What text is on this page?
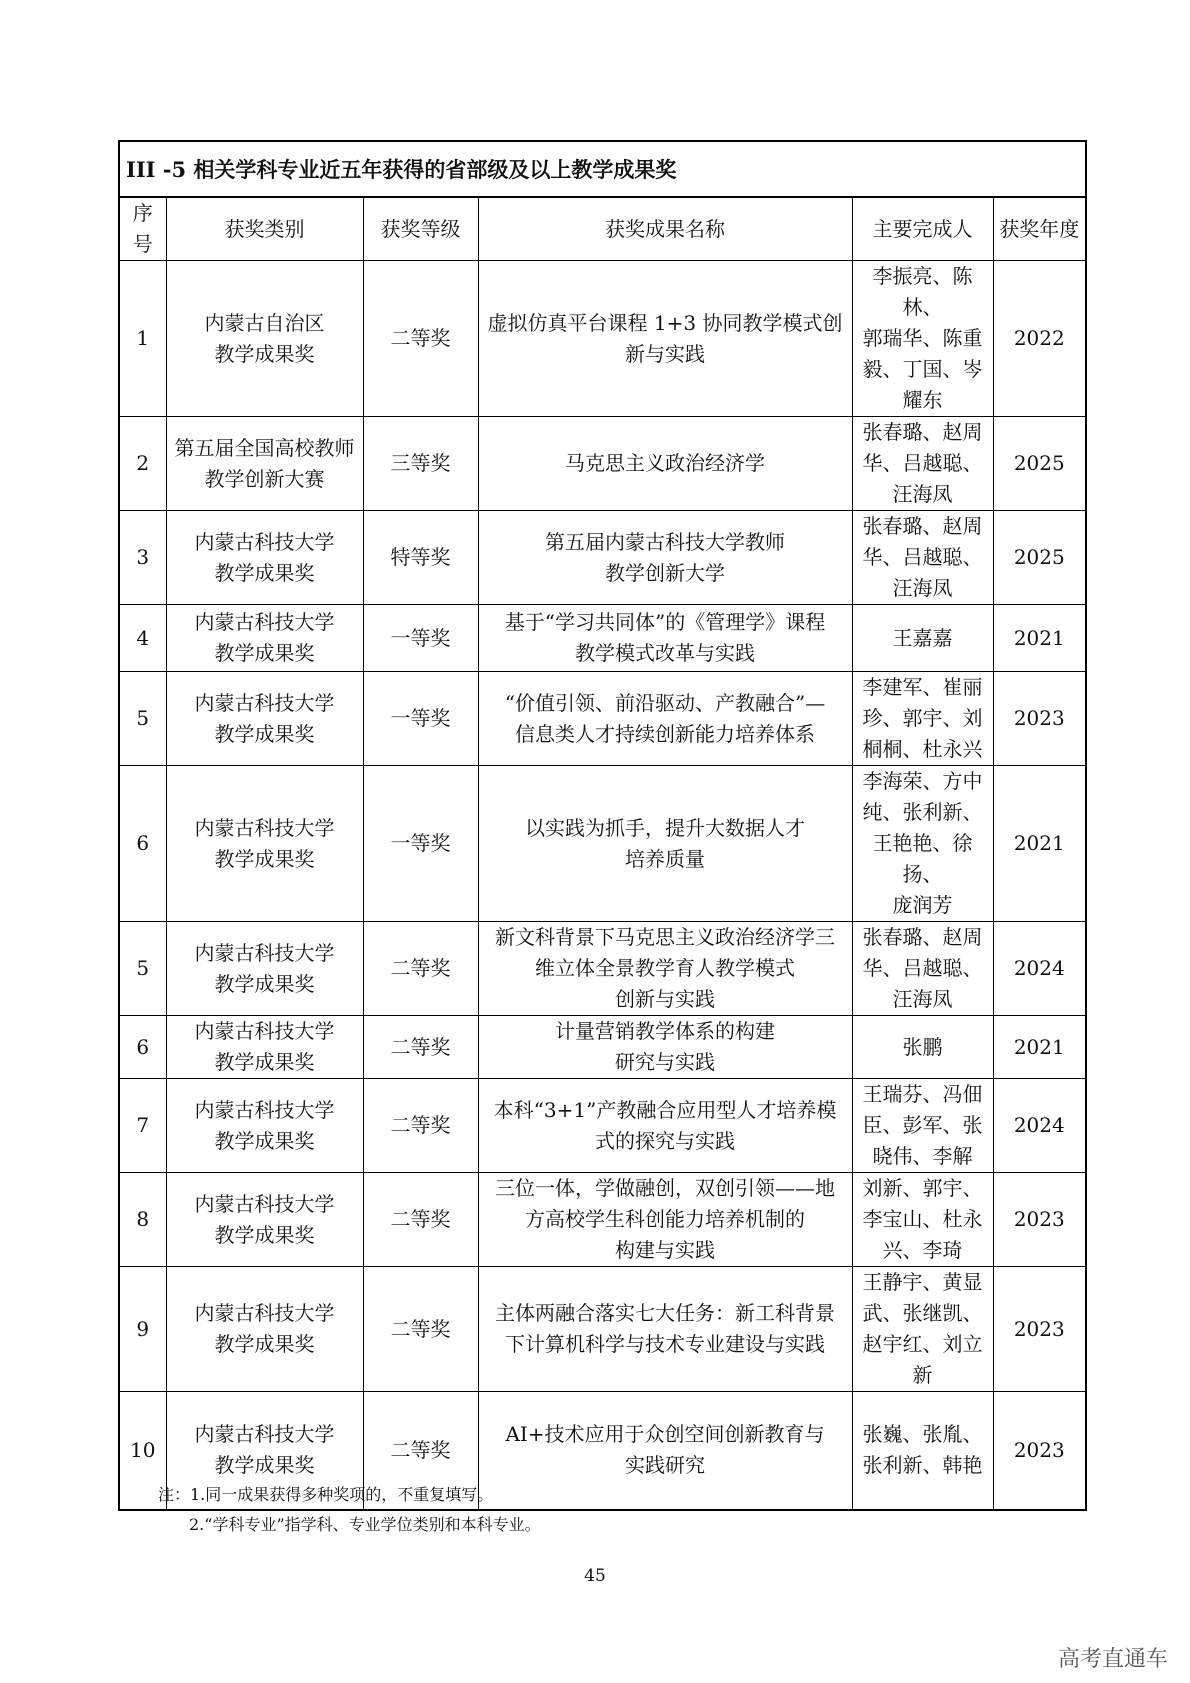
III -5 相关学科专业近五年获得的省部级及以上教学成果奖					
序号	获奖类别	获奖等级	获奖成果名称	主要完成人	获奖年度

1	内蒙古自治区
教学成果奖	二等奖	虚拟仿真平台课程 1+3 协同教学模式创
新与实践	李振亮、陈林、
郭瑞华、陈重
毅、丁国、岑
耀东	2022

2	第五届全国高校教师
教学创新大赛	三等奖	马克思主义政治经济学	张春璐、赵周
华、吕越聪、
汪海凤	2025

3	内蒙古科技大学
教学成果奖	特等奖	第五届内蒙古科技大学教师
教学创新大学	张春璐、赵周
华、吕越聪、
汪海凤	2025

4	内蒙古科技大学
教学成果奖	一等奖	基于“学习共同体”的《管理学》课程
教学模式改革与实践	王嘉嘉	2021

5	内蒙古科技大学
教学成果奖	一等奖	“价值引领、前沿驱动、产教融合”—
信息类人才持续创新能力培养体系	李建军、崔丽
珍、郭宇、刘
桐桐、杜永兴	2023

6	内蒙古科技大学
教学成果奖	一等奖	以实践为抓手，提升大数据人才
培养质量	李海荣、方中
纯、张利新、
王艳艳、徐扬、
庞润芳	2021

5	内蒙古科技大学
教学成果奖	二等奖	新文科背景下马克思主义政治经济学三
维立体全景教学育人教学模式
创新与实践	张春璐、赵周
华、吕越聪、
汪海凤	2024

6	内蒙古科技大学
教学成果奖	二等奖	计量营销教学体系的构建
研究与实践	张鹏	2021

7	内蒙古科技大学
教学成果奖	二等奖	本科“3+1”产教融合应用型人才培养模
式的探究与实践	王瑞芬、冯佃
臣、彭军、张
晓伟、李解	2024

8	内蒙古科技大学
教学成果奖	二等奖	三位一体，学做融创，双创引领——地
方高校学生科创能力培养机制的
构建与实践	刘新、郭宇、
李宝山、杜永
兴、李琦	2023

9	内蒙古科技大学
教学成果奖	二等奖	主体两融合落实七大任务：新工科背景
下计算机科学与技术专业建设与实践	王静宇、黄显
武、张继凯、
赵宇红、刘立
新	2023

10	内蒙古科技大学
教学成果奖	二等奖	AI+技术应用于众创空间创新教育与
实践研究	张巍、张胤、
张利新、韩艳	2023
注：1.同一成果获得多种奖项的，不重复填写。
2.“学科专业”指学科、专业学位类别和本科专业。
45
高考直通车
